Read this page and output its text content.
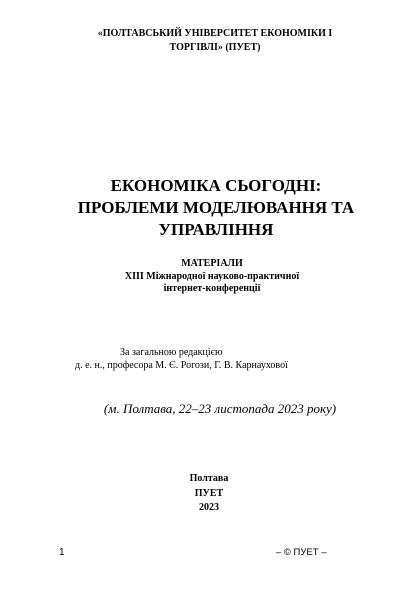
«ПОЛТАВСЬКИЙ УНІВЕРСИТЕТ ЕКОНОМІКИ І
ТОРГІВЛІ» (ПУЕТ)
ЕКОНОМІКА СЬОГОДНІ:
ПРОБЛЕМИ МОДЕЛЮВАННЯ ТА
УПРАВЛІННЯ
МАТЕРІАЛИ
XIII Міжнародної науково-практичної
інтернет-конференції
За загальною редакцією
д. е. н., професора М. Є. Рогози, Г. В. Карнаухової
(м. Полтава, 22–23 листопада 2023 року)
Полтава
ПУЕТ
2023
1	– © ПУЕТ –
